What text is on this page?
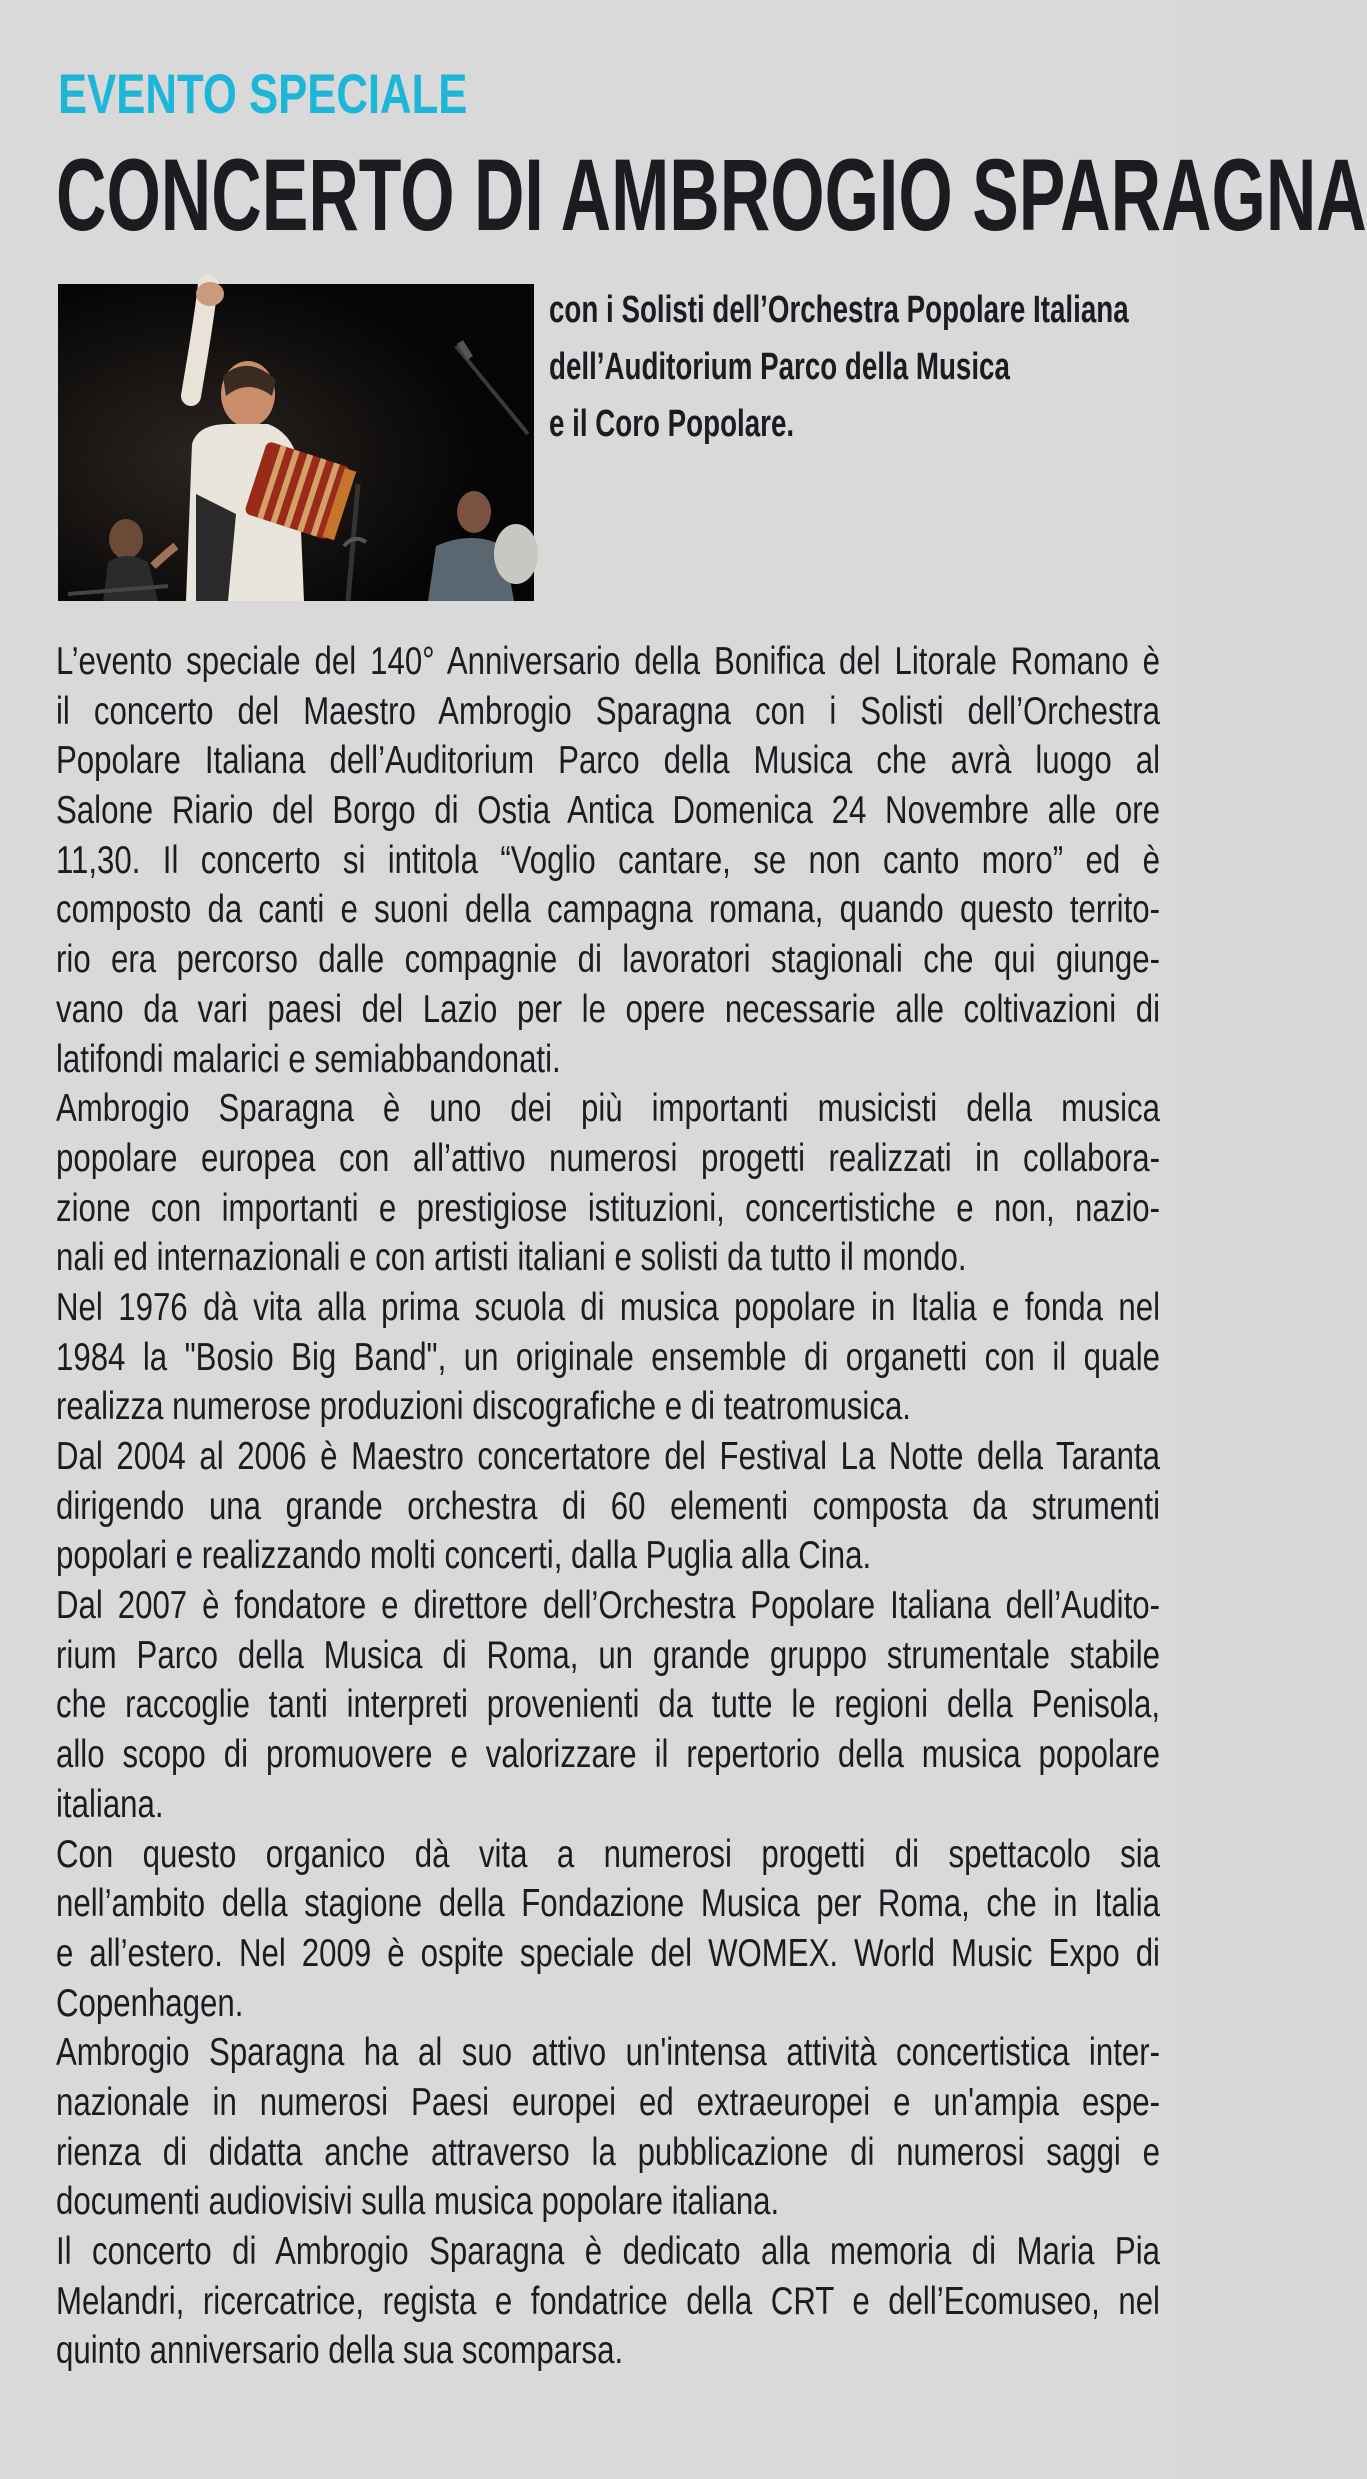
EVENTO SPECIALE
CONCERTO DI AMBROGIO SPARAGNA
con i Solisti dell’Orchestra Popolare Italiana
dell’Auditorium Parco della Musica
e il Coro Popolare.
L’evento speciale del 140° Anniversario della Bonifica del Litorale Romano è
il concerto del Maestro Ambrogio Sparagna con i Solisti dell’Orchestra
Popolare Italiana dell’Auditorium Parco della Musica che avrà luogo al
Salone Riario del Borgo di Ostia Antica Domenica 24 Novembre alle ore
11,30. Il concerto si intitola “Voglio cantare, se non canto moro” ed è
composto da canti e suoni della campagna romana, quando questo territo-
rio era percorso dalle compagnie di lavoratori stagionali che qui giunge-
vano da vari paesi del Lazio per le opere necessarie alle coltivazioni di
latifondi malarici e semiabbandonati.
Ambrogio Sparagna è uno dei più importanti musicisti della musica
popolare europea con all’attivo numerosi progetti realizzati in collabora-
zione con importanti e prestigiose istituzioni, concertistiche e non, nazio-
nali ed internazionali e con artisti italiani e solisti da tutto il mondo.
Nel 1976 dà vita alla prima scuola di musica popolare in Italia e fonda nel
1984 la "Bosio Big Band", un originale ensemble di organetti con il quale
realizza numerose produzioni discografiche e di teatromusica.
Dal 2004 al 2006 è Maestro concertatore del Festival La Notte della Taranta
dirigendo una grande orchestra di 60 elementi composta da strumenti
popolari e realizzando molti concerti, dalla Puglia alla Cina.
Dal 2007 è fondatore e direttore dell’Orchestra Popolare Italiana dell’Audito-
rium Parco della Musica di Roma, un grande gruppo strumentale stabile
che raccoglie tanti interpreti provenienti da tutte le regioni della Penisola,
allo scopo di promuovere e valorizzare il repertorio della musica popolare
italiana.
Con questo organico dà vita a numerosi progetti di spettacolo sia
nell’ambito della stagione della Fondazione Musica per Roma, che in Italia
e all’estero. Nel 2009 è ospite speciale del WOMEX. World Music Expo di
Copenhagen.
Ambrogio Sparagna ha al suo attivo un'intensa attività concertistica inter-
nazionale in numerosi Paesi europei ed extraeuropei e un'ampia espe-
rienza di didatta anche attraverso la pubblicazione di numerosi saggi e
documenti audiovisivi sulla musica popolare italiana.
Il concerto di Ambrogio Sparagna è dedicato alla memoria di Maria Pia
Melandri, ricercatrice, regista e fondatrice della CRT e dell’Ecomuseo, nel
quinto anniversario della sua scomparsa.
